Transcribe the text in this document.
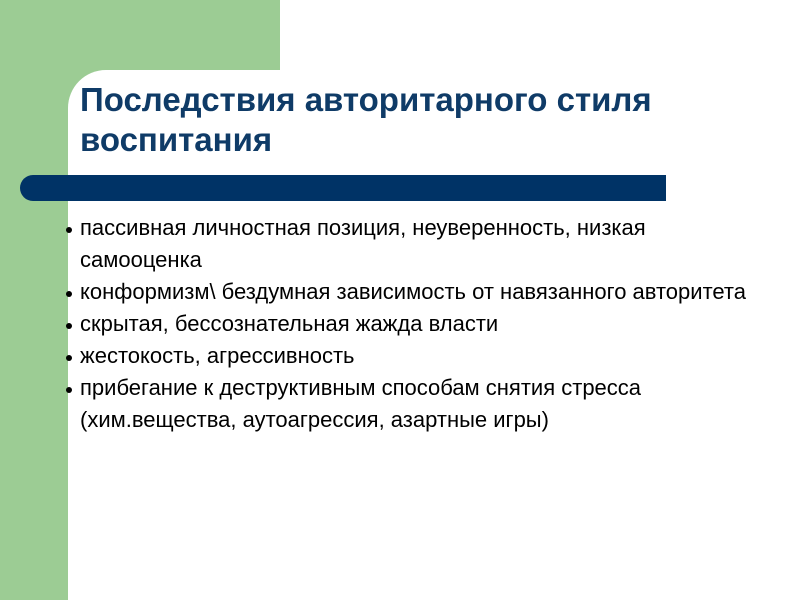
Последствия авторитарного стиля воспитания
пассивная личностная позиция, неуверенность, низкая самооценка
конформизм\ бездумная зависимость от навязанного авторитета
скрытая, бессознательная жажда власти
жестокость, агрессивность
прибегание к деструктивным способам снятия стресса (хим.вещества, аутоагрессия, азартные игры)
